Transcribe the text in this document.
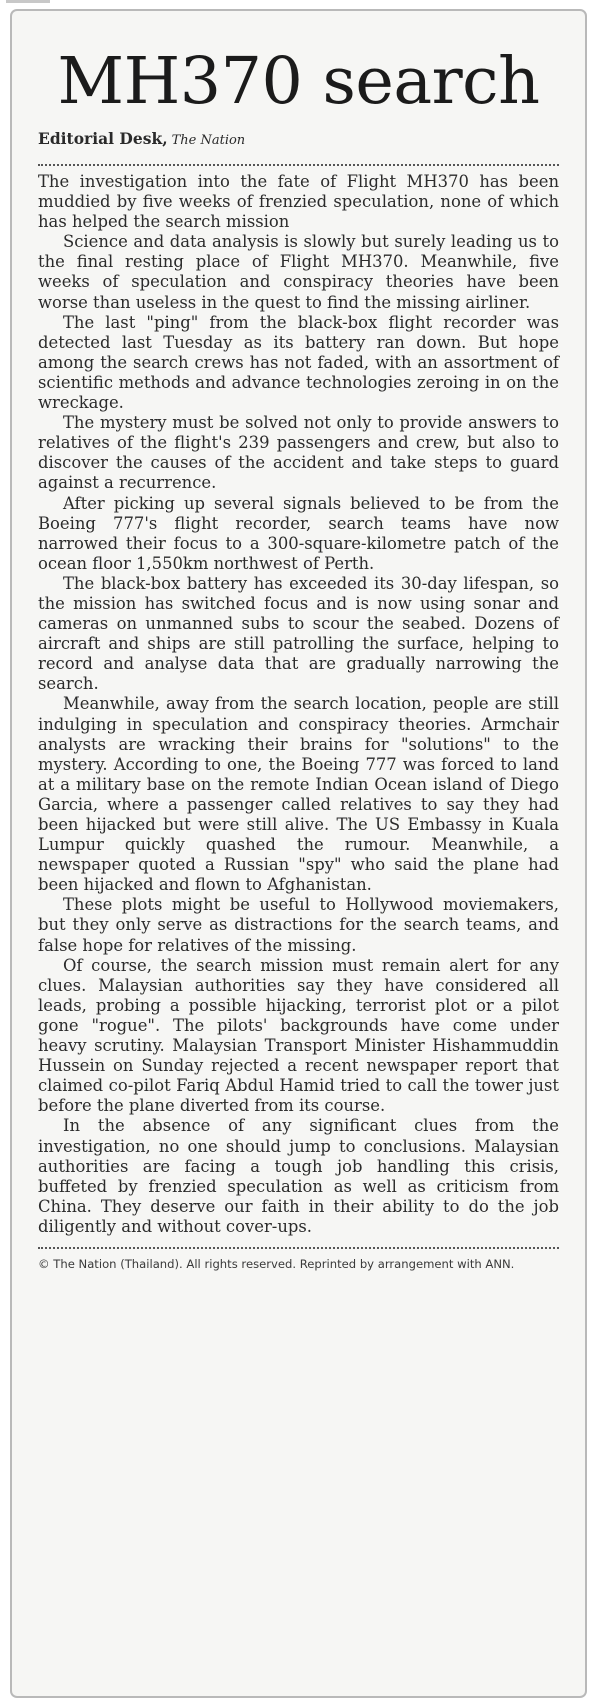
MH370 search
Editorial Desk, The Nation

The investigation into the fate of Flight MH370 has been muddied by five weeks of frenzied speculation, none of which has helped the search mission

Science and data analysis is slowly but surely leading us to the final resting place of Flight MH370. Meanwhile, five weeks of speculation and conspiracy theories have been worse than useless in the quest to find the missing airliner.

The last "ping" from the black-box flight recorder was detected last Tuesday as its battery ran down. But hope among the search crews has not faded, with an assortment of scientific methods and advance technologies zeroing in on the wreckage.

The mystery must be solved not only to provide answers to relatives of the flight's 239 passengers and crew, but also to discover the causes of the accident and take steps to guard against a recurrence.

After picking up several signals believed to be from the Boeing 777's flight recorder, search teams have now narrowed their focus to a 300-square-kilometre patch of the ocean floor 1,550km northwest of Perth.

The black-box battery has exceeded its 30-day lifespan, so the mission has switched focus and is now using sonar and cameras on unmanned subs to scour the seabed. Dozens of aircraft and ships are still patrolling the surface, helping to record and analyse data that are gradually narrowing the search.

Meanwhile, away from the search location, people are still indulging in speculation and conspiracy theories. Armchair analysts are wracking their brains for "solutions" to the mystery. According to one, the Boeing 777 was forced to land at a military base on the remote Indian Ocean island of Diego Garcia, where a passenger called relatives to say they had been hijacked but were still alive. The US Embassy in Kuala Lumpur quickly quashed the rumour. Meanwhile, a newspaper quoted a Russian "spy" who said the plane had been hijacked and flown to Afghanistan.

These plots might be useful to Hollywood moviemakers, but they only serve as distractions for the search teams, and false hope for relatives of the missing.

Of course, the search mission must remain alert for any clues. Malaysian authorities say they have considered all leads, probing a possible hijacking, terrorist plot or a pilot gone "rogue". The pilots' backgrounds have come under heavy scrutiny. Malaysian Transport Minister Hishammuddin Hussein on Sunday rejected a recent newspaper report that claimed co-pilot Fariq Abdul Hamid tried to call the tower just before the plane diverted from its course.

In the absence of any significant clues from the investigation, no one should jump to conclusions. Malaysian authorities are facing a tough job handling this crisis, buffeted by frenzied speculation as well as criticism from China. They deserve our faith in their ability to do the job diligently and without cover-ups.

© The Nation (Thailand). All rights reserved. Reprinted by arrangement with ANN.
